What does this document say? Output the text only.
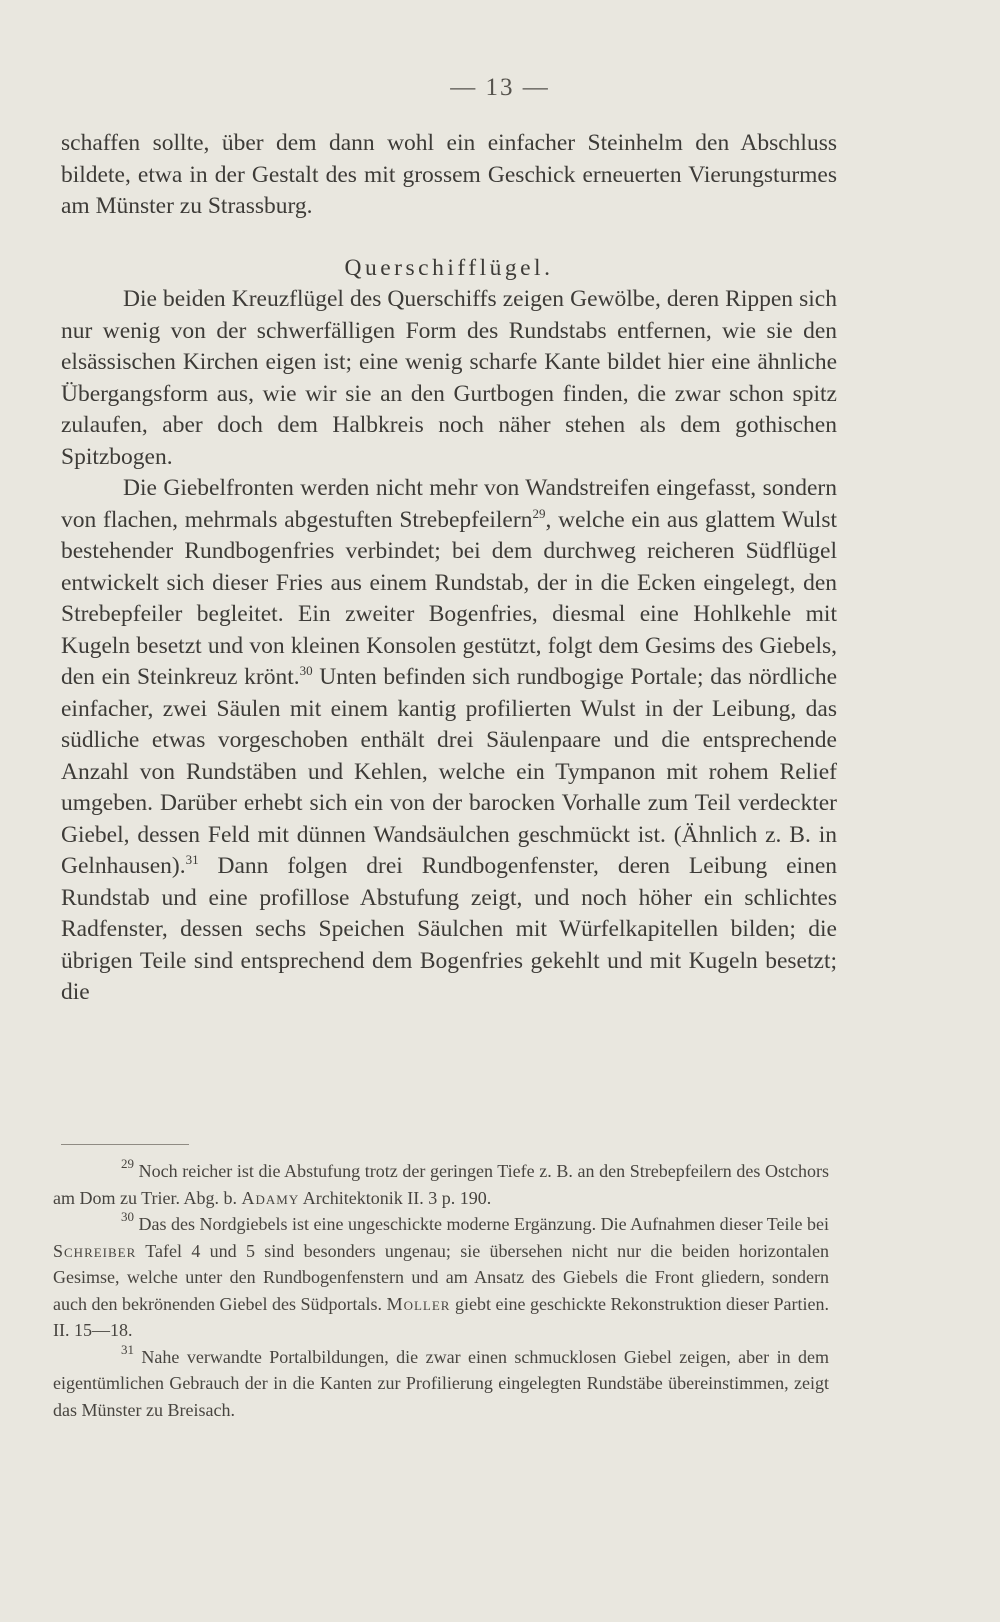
— 13 —

schaffen sollte, über dem dann wohl ein einfacher Steinhelm den Abschluss bildete, etwa in der Gestalt des mit grossem Geschick erneuerten Vierungsturmes am Münster zu Strassburg.

Querschifflügel.

Die beiden Kreuzflügel des Querschiffs zeigen Gewölbe, deren Rippen sich nur wenig von der schwerfälligen Form des Rundstabs entfernen, wie sie den elsässischen Kirchen eigen ist; eine wenig scharfe Kante bildet hier eine ähnliche Übergangsform aus, wie wir sie an den Gurtbogen finden, die zwar schon spitz zulaufen, aber doch dem Halbkreis noch näher stehen als dem gothischen Spitzbogen.

Die Giebelfronten werden nicht mehr von Wandstreifen eingefasst, sondern von flachen, mehrmals abgestuften Strebepfeilern$^{29}$, welche ein aus glattem Wulst bestehender Rundbogenfries verbindet; bei dem durchweg reicheren Südflügel entwickelt sich dieser Fries aus einem Rundstab, der in die Ecken eingelegt, den Strebepfeiler begleitet. Ein zweiter Bogenfries, diesmal eine Hohlkehle mit Kugeln besetzt und von kleinen Konsolen gestützt, folgt dem Gesims des Giebels, den ein Steinkreuz krönt.$^{30}$ Unten befinden sich rundbogige Portale; das nördliche einfacher, zwei Säulen mit einem kantig profilierten Wulst in der Leibung, das südliche etwas vorgeschoben enthält drei Säulenpaare und die entsprechende Anzahl von Rundstäben und Kehlen, welche ein Tympanon mit rohem Relief umgeben. Darüber erhebt sich ein von der barocken Vorhalle zum Teil verdeckter Giebel, dessen Feld mit dünnen Wandsäulchen geschmückt ist. (Ähnlich z. B. in Gelnhausen).$^{31}$ Dann folgen drei Rundbogenfenster, deren Leibung einen Rundstab und eine profillose Abstufung zeigt, und noch höher ein schlichtes Radfenster, dessen sechs Speichen Säulchen mit Würfelkapitellen bilden; die übrigen Teile sind entsprechend dem Bogenfries gekehlt und mit Kugeln besetzt; die

$^{29}$ Noch reicher ist die Abstufung trotz der geringen Tiefe z. B. an den Strebepfeilern des Ostchors am Dom zu Trier. Abg. b. Adamy Architektonik II. 3 p. 190.

$^{30}$ Das des Nordgiebels ist eine ungeschickte moderne Ergänzung. Die Aufnahmen dieser Teile bei Schreiber Tafel 4 und 5 sind besonders ungenau; sie übersehen nicht nur die beiden horizontalen Gesimse, welche unter den Rundbogenfenstern und am Ansatz des Giebels die Front gliedern, sondern auch den bekrönenden Giebel des Südportals. Moller giebt eine geschickte Rekonstruktion dieser Partien. II. 15—18.

$^{31}$ Nahe verwandte Portalbildungen, die zwar einen schmucklosen Giebel zeigen, aber in dem eigentümlichen Gebrauch der in die Kanten zur Profilierung eingelegten Rundstäbe übereinstimmen, zeigt das Münster zu Breisach.
